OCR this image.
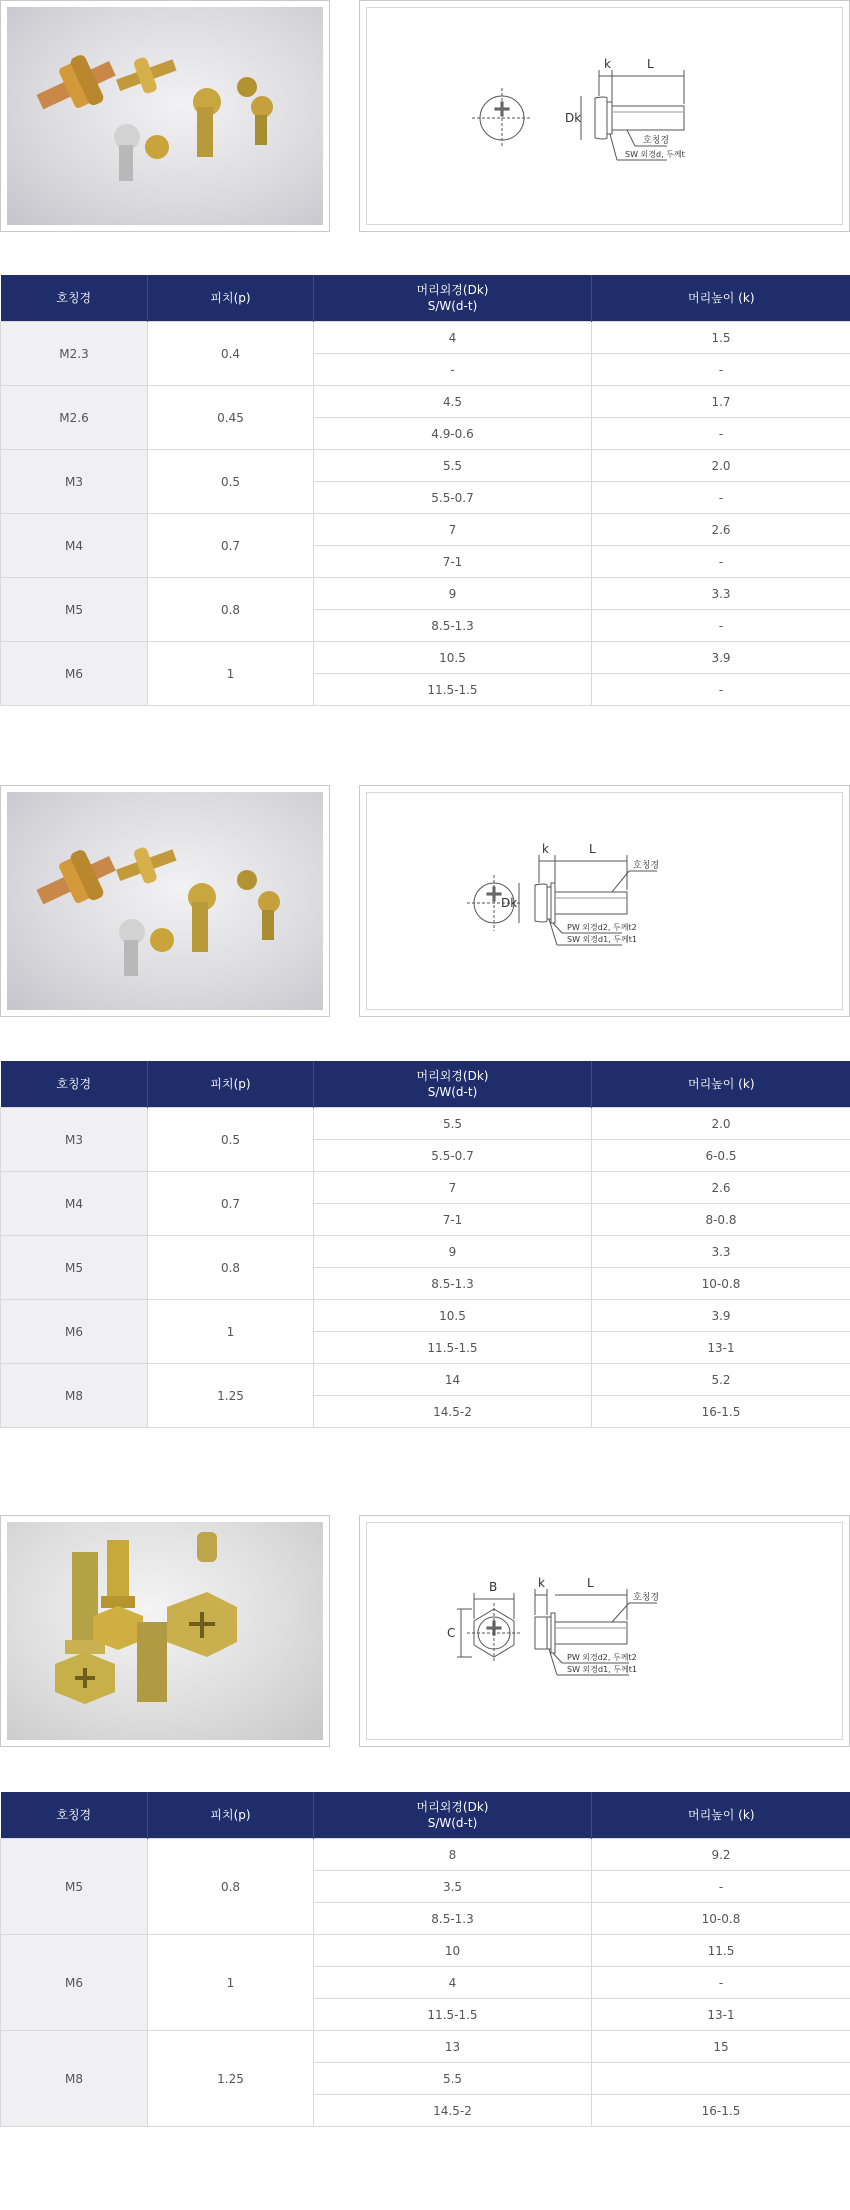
k	L
Dk
호칭경
SW 외경d, 두께t
호칭경	피치(p)	머리외경(Dk)
S/W(d-t)	머리높이 (k)
M2.3	0.4	4	1.5
		-	-
M2.6	0.45	4.5	1.7
		4.9-0.6	-
M3	0.5	5.5	2.0
		5.5-0.7	-
M4	0.7	7	2.6
		7-1	-
M5	0.8	9	3.3
		8.5-1.3	-
M6	1	10.5	3.9
		11.5-1.5	-
k	L
Dk
호칭경
PW 외경d2, 두께t2
SW 외경d1, 두께t1
호칭경	피치(p)	머리외경(Dk)
S/W(d-t)	머리높이 (k)
M3	0.5	5.5	2.0
		5.5-0.7	6-0.5
M4	0.7	7	2.6
		7-1	8-0.8
M5	0.8	9	3.3
		8.5-1.3	10-0.8
M6	1	10.5	3.9
		11.5-1.5	13-1
M8	1.25	14	5.2
		14.5-2	16-1.5
B
C
k	L
호칭경
PW 외경d2, 두께t2
SW 외경d1, 두께t1
호칭경	피치(p)	머리외경(Dk)
S/W(d-t)	머리높이 (k)
M5	0.8	8	9.2
		3.5	-
		8.5-1.3	10-0.8
M6	1	10	11.5
		4	-
		11.5-1.5	13-1
M8	1.25	13	15
		5.5	
		14.5-2	16-1.5
